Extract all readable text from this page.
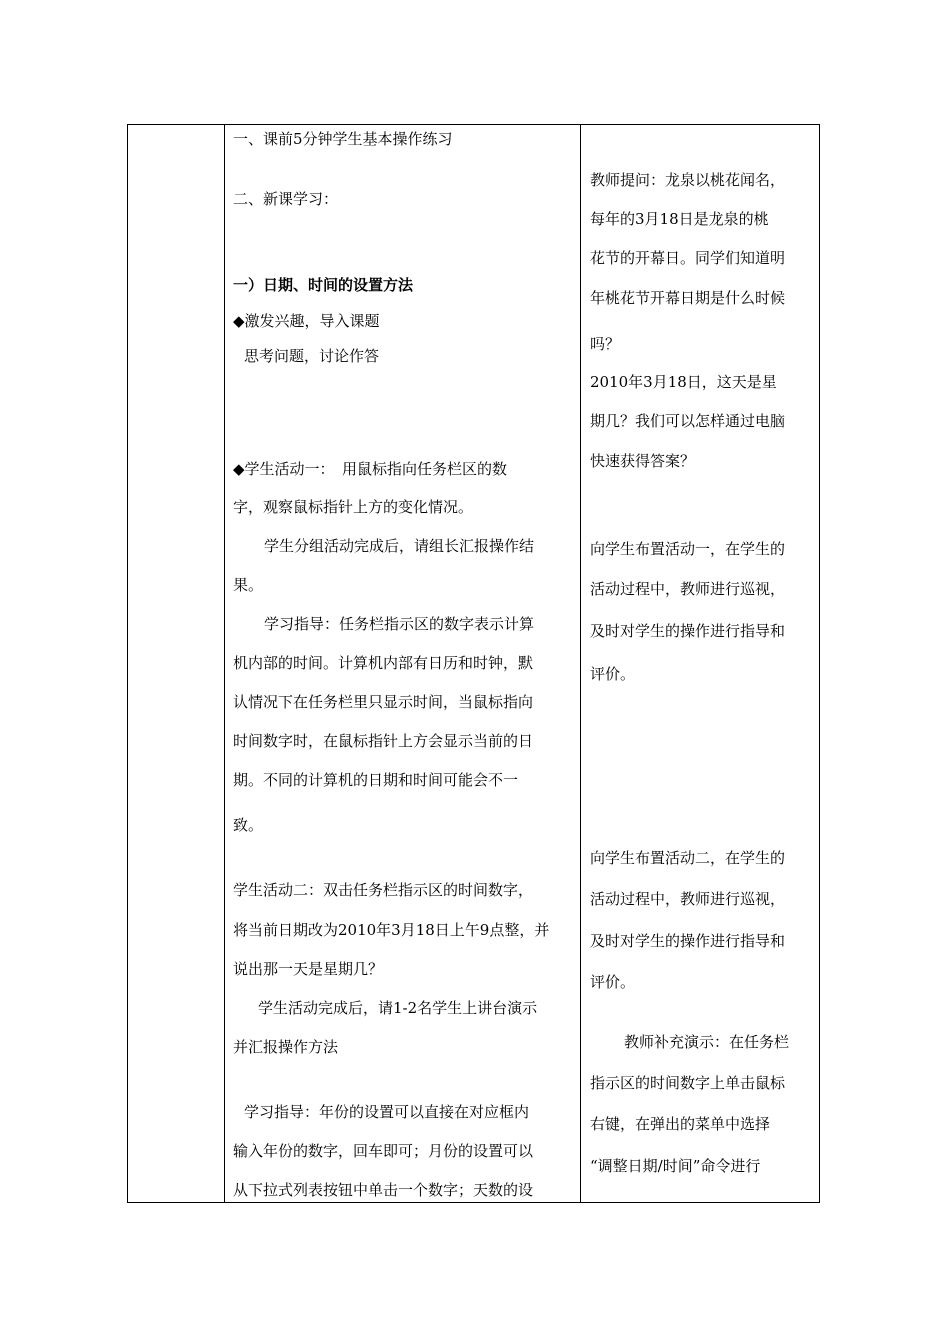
一、课前5分钟学生基本操作练习
二、新课学习：
一）日期、时间的设置方法
◆激发兴趣，导入课题
思考问题，讨论作答
◆学生活动一：　用鼠标指向任务栏区的数
字，观察鼠标指针上方的变化情况。
学生分组活动完成后，请组长汇报操作结
果。
学习指导：任务栏指示区的数字表示计算
机内部的时间。计算机内部有日历和时钟，默
认情况下在任务栏里只显示时间，当鼠标指向
时间数字时，在鼠标指针上方会显示当前的日
期。不同的计算机的日期和时间可能会不一
致。
学生活动二：双击任务栏指示区的时间数字，
将当前日期改为2010年3月18日上午9点整，并
说出那一天是星期几？
学生活动完成后，请1-2名学生上讲台演示
并汇报操作方法
学习指导：年份的设置可以直接在对应框内
输入年份的数字，回车即可；月份的设置可以
从下拉式列表按钮中单击一个数字；天数的设
教师提问：龙泉以桃花闻名，
每年的3月18日是龙泉的桃
花节的开幕日。同学们知道明
年桃花节开幕日期是什么时候
吗？
2010年3月18日，这天是星
期几？我们可以怎样通过电脑
快速获得答案？
向学生布置活动一，在学生的
活动过程中，教师进行巡视，
及时对学生的操作进行指导和
评价。
向学生布置活动二，在学生的
活动过程中，教师进行巡视，
及时对学生的操作进行指导和
评价。
教师补充演示：在任务栏
指示区的时间数字上单击鼠标
右键，在弹出的菜单中选择
“调整日期/时间”命令进行
